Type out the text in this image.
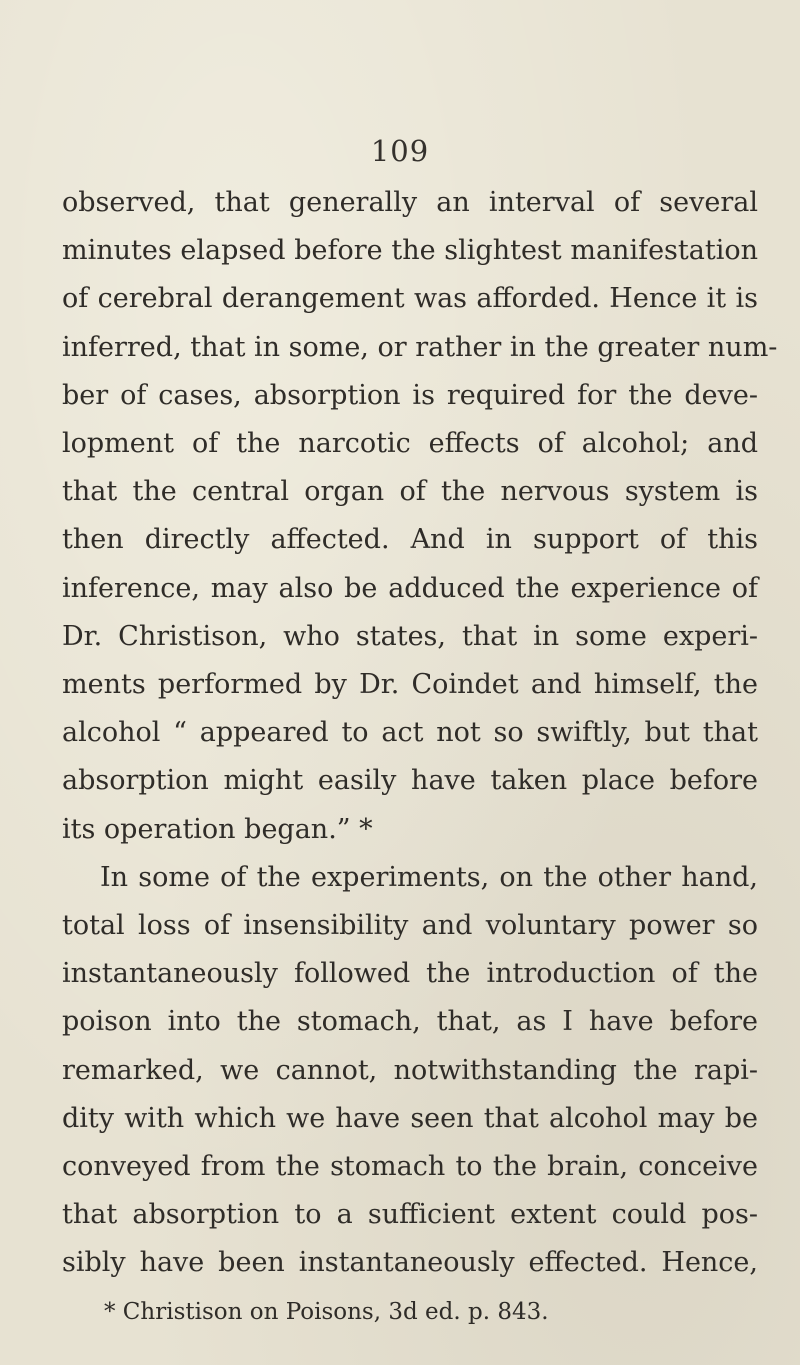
109
observed, that generally an interval of several
minutes elapsed before the slightest manifestation
of cerebral derangement was afforded. Hence it is
inferred, that in some, or rather in the greater num-
ber of cases, absorption is required for the deve-
lopment of the narcotic effects of alcohol; and
that the central organ of the nervous system is
then directly affected. And in support of this
inference, may also be adduced the experience of
Dr. Christison, who states, that in some experi-
ments performed by Dr. Coindet and himself, the
alcohol “ appeared to act not so swiftly, but that
absorption might easily have taken place before
its operation began.” *
In some of the experiments, on the other hand,
total loss of insensibility and voluntary power so
instantaneously followed the introduction of the
poison into the stomach, that, as I have before
remarked, we cannot, notwithstanding the rapi-
dity with which we have seen that alcohol may be
conveyed from the stomach to the brain, conceive
that absorption to a sufficient extent could pos-
sibly have been instantaneously effected. Hence,
* Christison on Poisons, 3d ed. p. 843.
